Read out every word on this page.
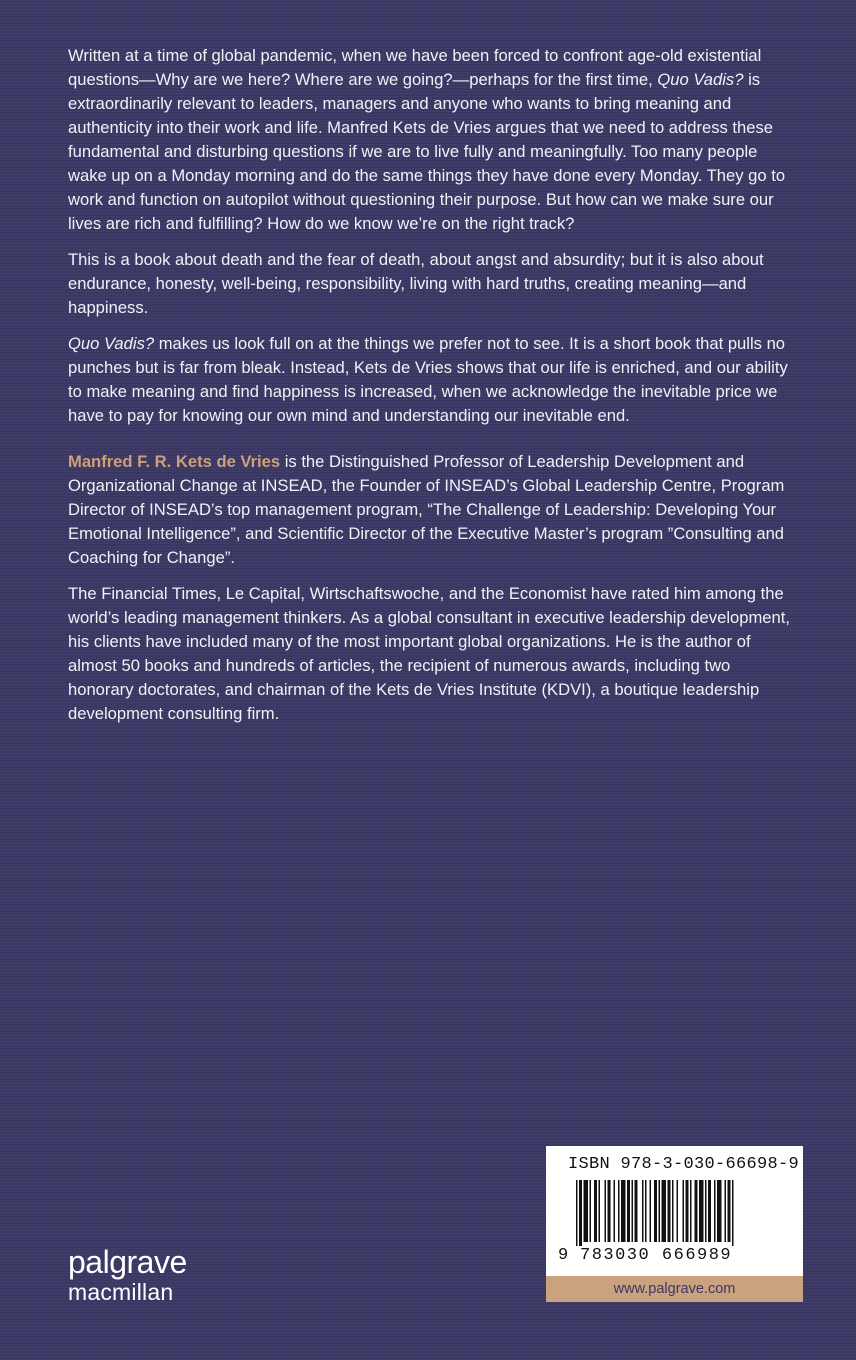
Written at a time of global pandemic, when we have been forced to confront age-old existential questions—Why are we here? Where are we going?—perhaps for the first time, Quo Vadis? is extraordinarily relevant to leaders, managers and anyone who wants to bring meaning and authenticity into their work and life. Manfred Kets de Vries argues that we need to address these fundamental and disturbing questions if we are to live fully and meaningfully. Too many people wake up on a Monday morning and do the same things they have done every Monday. They go to work and function on autopilot without questioning their purpose. But how can we make sure our lives are rich and fulfilling? How do we know we’re on the right track?

This is a book about death and the fear of death, about angst and absurdity; but it is also about endurance, honesty, well-being, responsibility, living with hard truths, creating meaning—and happiness.

Quo Vadis? makes us look full on at the things we prefer not to see. It is a short book that pulls no punches but is far from bleak. Instead, Kets de Vries shows that our life is enriched, and our ability to make meaning and find happiness is increased, when we acknowledge the inevitable price we have to pay for knowing our own mind and understanding our inevitable end.

Manfred F. R. Kets de Vries is the Distinguished Professor of Leadership Development and Organizational Change at INSEAD, the Founder of INSEAD’s Global Leadership Centre, Program Director of INSEAD’s top management program, “The Challenge of Leadership: Developing Your Emotional Intelligence”, and Scientific Director of the Executive Master’s program ”Consulting and Coaching for Change”.

The Financial Times, Le Capital, Wirtschaftswoche, and the Economist have rated him among the world’s leading management thinkers. As a global consultant in executive leadership development, his clients have included many of the most important global organizations. He is the author of almost 50 books and hundreds of articles, the recipient of numerous awards, including two honorary doctorates, and chairman of the Kets de Vries Institute (KDVI), a boutique leadership development consulting firm.

ISBN 978-3-030-66698-9
9 783030 666989
www.palgrave.com
palgrave
macmillan
